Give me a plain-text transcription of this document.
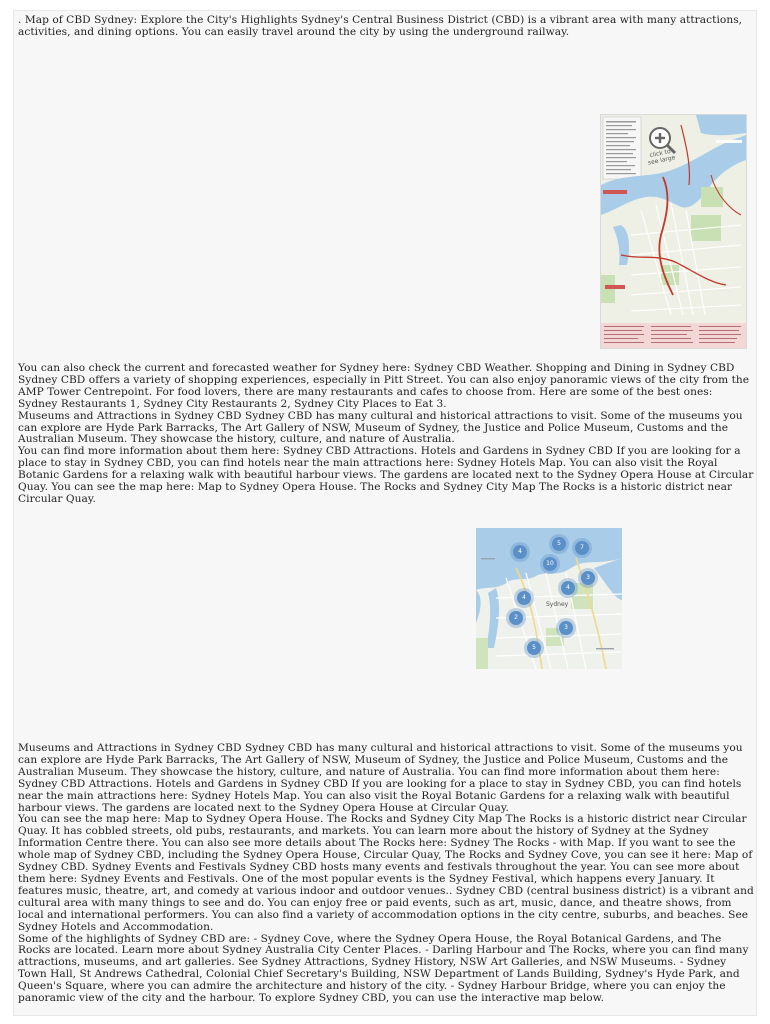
. Map of CBD Sydney: Explore the City's Highlights Sydney's Central Business District (CBD) is a vibrant area with many attractions,
activities, and dining options. You can easily travel around the city by using the underground railway.

click to
see large

You can also check the current and forecasted weather for Sydney here: Sydney CBD Weather. Shopping and Dining in Sydney CBD
Sydney CBD offers a variety of shopping experiences, especially in Pitt Street. You can also enjoy panoramic views of the city from the
AMP Tower Centrepoint. For food lovers, there are many restaurants and cafes to choose from. Here are some of the best ones:
Sydney Restaurants 1, Sydney City Restaurants 2, Sydney City Places to Eat 3.
Museums and Attractions in Sydney CBD Sydney CBD has many cultural and historical attractions to visit. Some of the museums you
can explore are Hyde Park Barracks, The Art Gallery of NSW, Museum of Sydney, the Justice and Police Museum, Customs and the
Australian Museum. They showcase the history, culture, and nature of Australia.
You can find more information about them here: Sydney CBD Attractions. Hotels and Gardens in Sydney CBD If you are looking for a
place to stay in Sydney CBD, you can find hotels near the main attractions here: Sydney Hotels Map. You can also visit the Royal
Botanic Gardens for a relaxing walk with beautiful harbour views. The gardens are located next to the Sydney Opera House at Circular
Quay. You can see the map here: Map to Sydney Opera House. The Rocks and Sydney City Map The Rocks is a historic district near
Circular Quay.

Sydney
5
7
4
10
3
4
3
2
5
4

Museums and Attractions in Sydney CBD Sydney CBD has many cultural and historical attractions to visit. Some of the museums you
can explore are Hyde Park Barracks, The Art Gallery of NSW, Museum of Sydney, the Justice and Police Museum, Customs and the
Australian Museum. They showcase the history, culture, and nature of Australia. You can find more information about them here:
Sydney CBD Attractions. Hotels and Gardens in Sydney CBD If you are looking for a place to stay in Sydney CBD, you can find hotels
near the main attractions here: Sydney Hotels Map. You can also visit the Royal Botanic Gardens for a relaxing walk with beautiful
harbour views. The gardens are located next to the Sydney Opera House at Circular Quay.
You can see the map here: Map to Sydney Opera House. The Rocks and Sydney City Map The Rocks is a historic district near Circular
Quay. It has cobbled streets, old pubs, restaurants, and markets. You can learn more about the history of Sydney at the Sydney
Information Centre there. You can also see more details about The Rocks here: Sydney The Rocks - with Map. If you want to see the
whole map of Sydney CBD, including the Sydney Opera House, Circular Quay, The Rocks and Sydney Cove, you can see it here: Map of
Sydney CBD. Sydney Events and Festivals Sydney CBD hosts many events and festivals throughout the year. You can see more about
them here: Sydney Events and Festivals. One of the most popular events is the Sydney Festival, which happens every January. It
features music, theatre, art, and comedy at various indoor and outdoor venues.. Sydney CBD (central business district) is a vibrant and
cultural area with many things to see and do. You can enjoy free or paid events, such as art, music, dance, and theatre shows, from
local and international performers. You can also find a variety of accommodation options in the city centre, suburbs, and beaches. See
Sydney Hotels and Accommodation.
Some of the highlights of Sydney CBD are: - Sydney Cove, where the Sydney Opera House, the Royal Botanical Gardens, and The
Rocks are located. Learn more about Sydney Australia City Center Places. - Darling Harbour and The Rocks, where you can find many
attractions, museums, and art galleries. See Sydney Attractions, Sydney History, NSW Art Galleries, and NSW Museums. - Sydney
Town Hall, St Andrews Cathedral, Colonial Chief Secretary's Building, NSW Department of Lands Building, Sydney's Hyde Park, and
Queen's Square, where you can admire the architecture and history of the city. - Sydney Harbour Bridge, where you can enjoy the
panoramic view of the city and the harbour. To explore Sydney CBD, you can use the interactive map below.
